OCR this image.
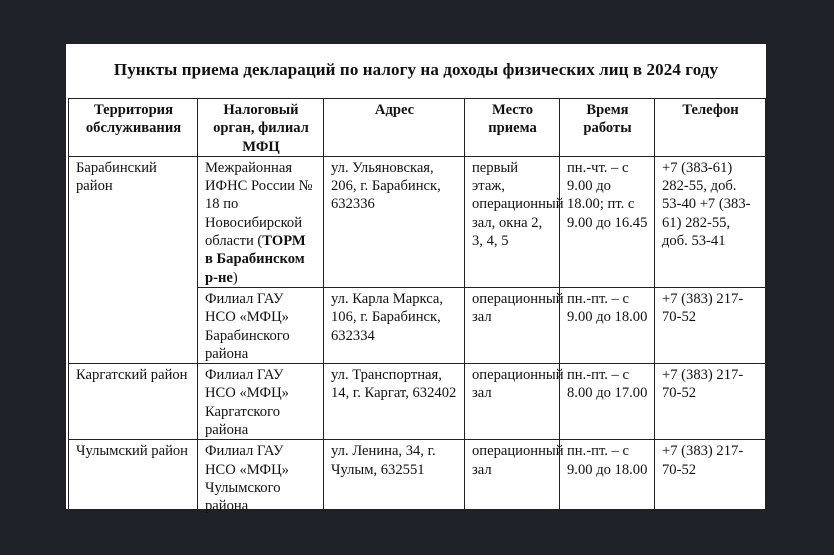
Пункты приема деклараций по налогу на доходы физических лиц в 2024 году
Территория обслуживания	Налоговый орган, филиал МФЦ	Адрес	Место приема	Время работы	Телефон
Барабинский район	Межрайонная ИФНС России № 18 по Новосибирской области (ТОРМ в Барабинском р-не)	ул. Ульяновская, 206, г. Барабинск, 632336	первый этаж, операционный зал, окна 2, 3, 4, 5	пн.-чт. – с 9.00 до 18.00; пт. с 9.00 до 16.45	+7 (383-61) 282-55, доб. 53-40 +7 (383-61) 282-55, доб. 53-41
	Филиал ГАУ НСО «МФЦ» Барабинского района	ул. Карла Маркса, 106, г. Барабинск, 632334	операционный зал	пн.-пт. – с 9.00 до 18.00	+7 (383) 217-70-52
Каргатский район	Филиал ГАУ НСО «МФЦ» Каргатского района	ул. Транспортная, 14, г. Каргат, 632402	операционный зал	пн.-пт. – с 8.00 до 17.00	+7 (383) 217-70-52
Чулымский район	Филиал ГАУ НСО «МФЦ» Чулымского района	ул. Ленина, 34, г. Чулым, 632551	операционный зал	пн.-пт. – с 9.00 до 18.00	+7 (383) 217-70-52
